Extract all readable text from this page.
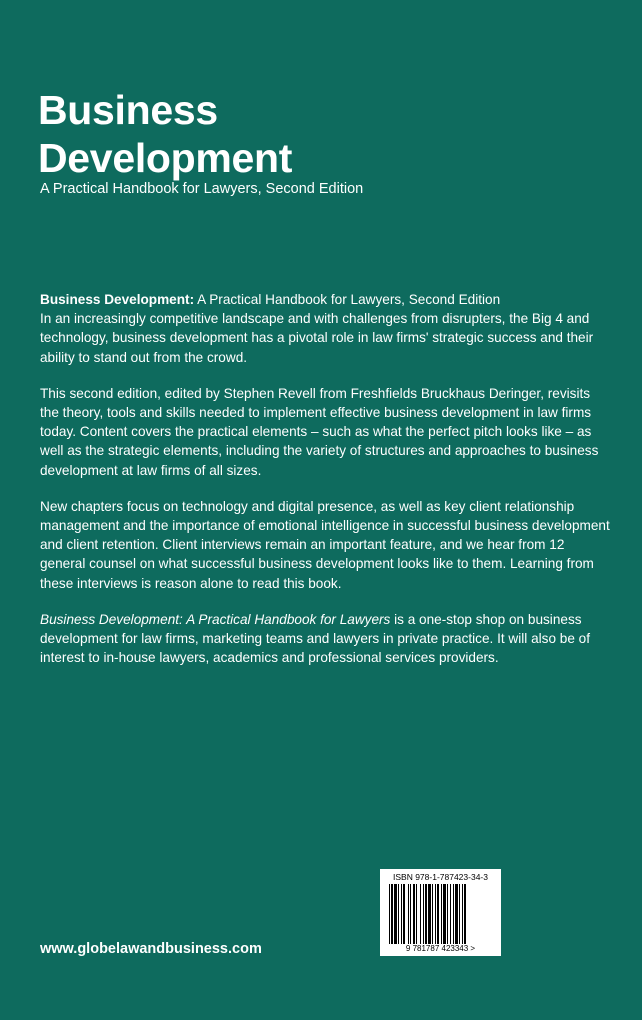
Business
Development

A Practical Handbook for Lawyers, Second Edition

Business Development: A Practical Handbook for Lawyers, Second Edition
In an increasingly competitive landscape and with challenges from disrupters, the Big 4 and technology, business development has a pivotal role in law firms' strategic success and their ability to stand out from the crowd.

This second edition, edited by Stephen Revell from Freshfields Bruckhaus Deringer, revisits the theory, tools and skills needed to implement effective business development in law firms today. Content covers the practical elements – such as what the perfect pitch looks like – as well as the strategic elements, including the variety of structures and approaches to business development at law firms of all sizes.

New chapters focus on technology and digital presence, as well as key client relationship management and the importance of emotional intelligence in successful business development and client retention. Client interviews remain an important feature, and we hear from 12 general counsel on what successful business development looks like to them. Learning from these interviews is reason alone to read this book.

Business Development: A Practical Handbook for Lawyers is a one-stop shop on business development for law firms, marketing teams and lawyers in private practice. It will also be of interest to in-house lawyers, academics and professional services providers.

www.globelawandbusiness.com
ISBN 978-1-787423-34-3
9 781787 423343 >
